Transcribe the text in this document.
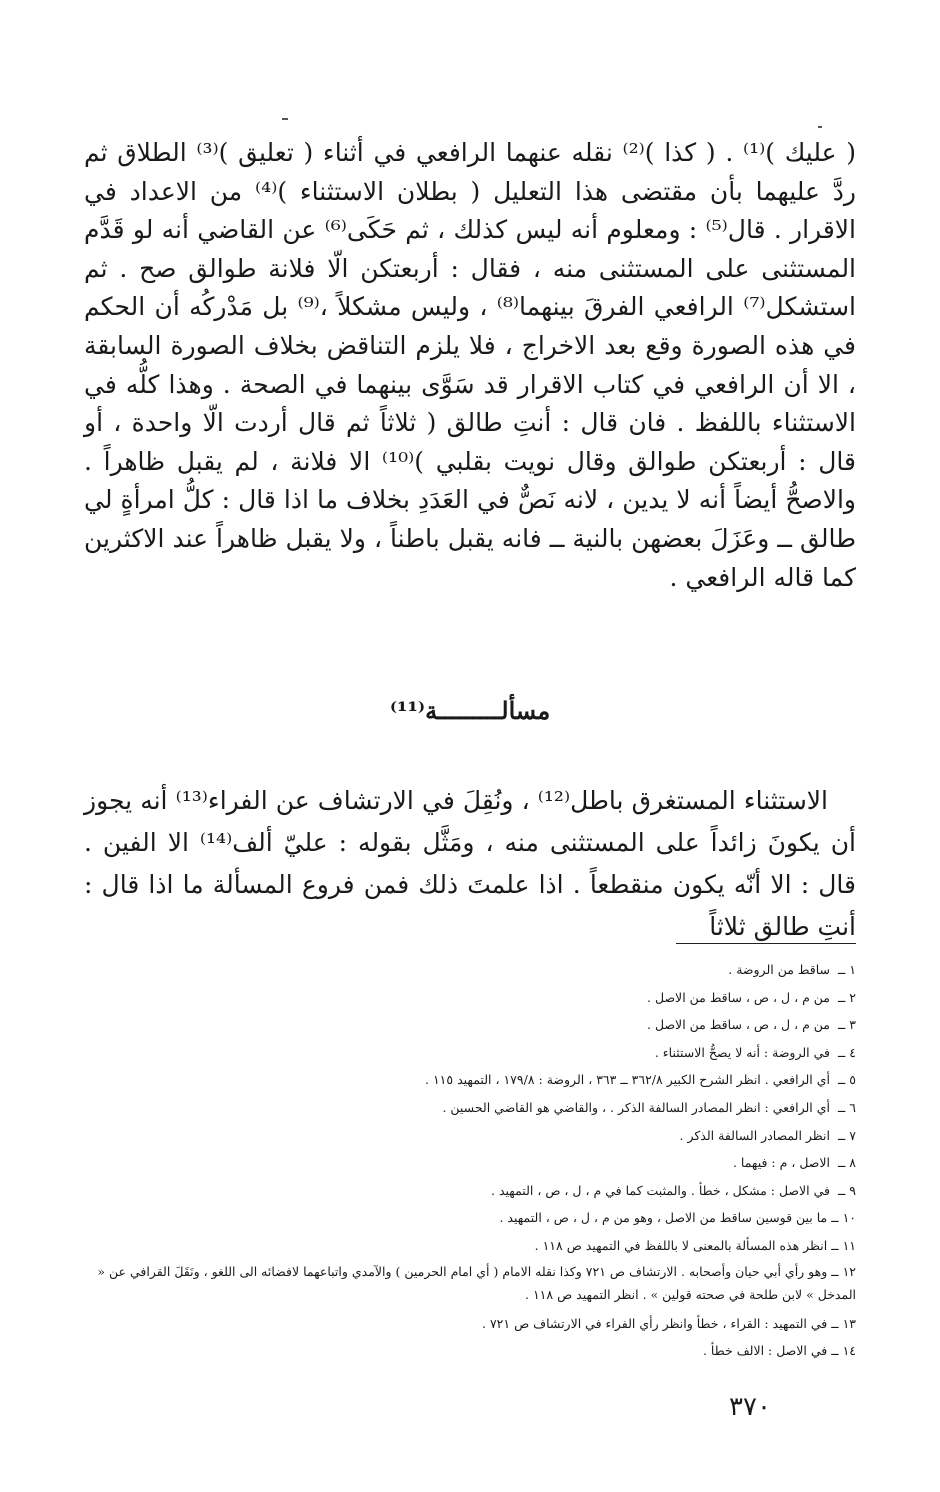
( عليك )⁽¹⁾ . ( كذا )⁽²⁾ نقله عنهما الرافعي في أثناء ( تعليق )⁽³⁾ الطلاق ثم ردَّ عليهما بأن مقتضى هذا التعليل ( بطلان الاستثناء )⁽⁴⁾ من الاعداد في الاقرار . قال⁽⁵⁾ : ومعلوم أنه ليس كذلك ، ثم حَكَى⁽⁶⁾ عن القاضي أنه لو قَدَّم المستثنى على المستثنى منه ، فقال : أربعتكن الّا فلانة طوالق صح . ثم استشكل⁽⁷⁾ الرافعي الفرقَ بينهما⁽⁸⁾ ، وليس مشكلاً ،⁽⁹⁾ بل مَدْركُه أن الحكم في هذه الصورة وقع بعد الاخراج ، فلا يلزم التناقض بخلاف الصورة السابقة ، الا أن الرافعي في كتاب الاقرار قد سَوَّى بينهما في الصحة . وهذا كلُّه في الاستثناء باللفظ . فان قال : أنتِ طالق ( ثلاثاً ثم قال أردت الّا واحدة ، أو قال : أربعتكن طوالق وقال نويت بقلبي )⁽¹⁰⁾ الا فلانة ، لم يقبل ظاهراً . والاصحُّ أيضاً أنه لا يدين ، لانه نَصٌّ في العَدَدِ بخلاف ما اذا قال : كلُّ امرأةٍ لي طالق ــ وعَزَلَ بعضهن بالنية ــ فانه يقبل باطناً ، ولا يقبل ظاهراً عند الاكثرين كما قاله الرافعي .

مسألـــــــــة⁽¹¹⁾

الاستثناء المستغرق باطل⁽¹²⁾ ، ونُقِلَ في الارتشاف عن الفراء⁽¹³⁾ أنه يجوز أن يكونَ زائداً على المستثنى منه ، ومَثَّل بقوله : عليّ ألف⁽¹⁴⁾ الا الفين . قال : الا أنّه يكون منقطعاً . اذا علمتَ ذلك فمن فروع المسألة ما اذا قال : أنتِ طالق ثلاثاً

١ ــ ساقط من الروضة .
٢ ــ من م ، ل ، ص ، ساقط من الاصل .
٣ ــ من م ، ل ، ص ، ساقط من الاصل .
٤ ــ في الروضة : أنه لا يصحُّ الاستثناء .
٥ ــ أي الرافعي . انظر الشرح الكبير ٣٦٢/٨ ــ ٣٦٣ ، الروضة : ١٧٩/٨ ، التمهيد ١١٥ .
٦ ــ أي الرافعي : انظر المصادر السالفة الذكر . ، والقاضي هو القاضي الحسين .
٧ ــ انظر المصادر السالفة الذكر .
٨ ــ الاصل ، م : فيهما .
٩ ــ في الاصل : مشكل ، خطأ . والمثبت كما في م ، ل ، ص ، التمهيد .
١٠ ــ ما بين قوسين ساقط من الاصل ، وهو من م ، ل ، ص ، التمهيد .
١١ ــ انظر هذه المسألة بالمعنى لا باللفظ في التمهيد ص ١١٨ .
١٢ ــ وهو رأي أبي حيان وأصحابه . الارتشاف ص ٧٢١ وكذا نقله الامام ( أي امام الحرمين ) والآمدي واتباعهما لافضائه الى اللغو ، ونَقَلَ القرافي عن « المدخل » لابن طلحة في صحته قولين » . انظر التمهيد ص ١١٨ .
١٣ ــ في التمهيد : القراء ، خطأ وانظر رأي الفراء في الارتشاف ص ٧٢١ .
١٤ ــ في الاصل : الالف خطأ .
٣٧٠
